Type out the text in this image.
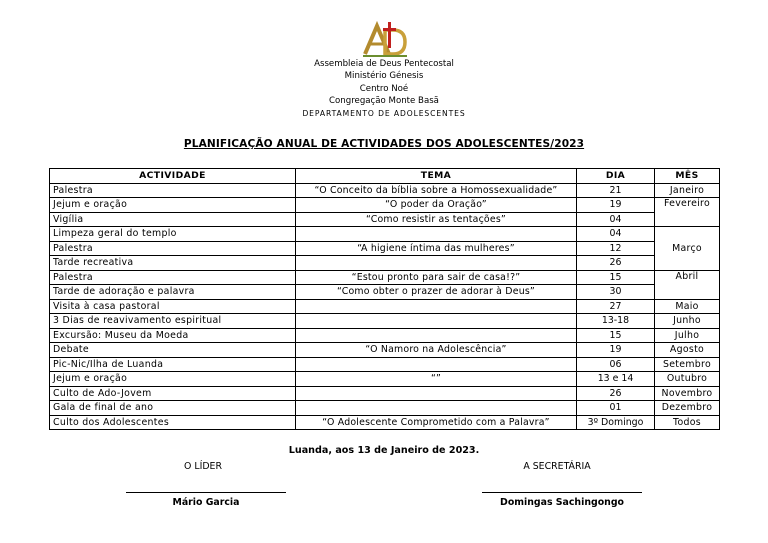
Assembleia de Deus Pentecostal
Ministério Génesis
Centro Noé
Congregação Monte Basã
DEPARTAMENTO DE ADOLESCENTES
PLANIFICAÇÃO ANUAL DE ACTIVIDADES DOS ADOLESCENTES/2023
ACTIVIDADE	TEMA	DIA	MÊS
Palestra	“O Conceito da bíblia sobre a Homossexualidade”	21	Janeiro
Jejum e oração	“O poder da Oração”	19	Fevereiro
Vigília	“Como resistir as tentações”	04	
Limpeza geral do templo		04	Março
Palestra	“A higiene íntima das mulheres”	12	
Tarde recreativa		26	
Palestra	“Estou pronto para sair de casa!?”	15	Abril
Tarde de adoração e palavra	“Como obter o prazer de adorar à Deus”	30	
Visita à casa pastoral		27	Maio
3 Dias de reavivamento espiritual		13-18	Junho
Excursão: Museu da Moeda		15	Julho
Debate	“O Namoro na Adolescência”	19	Agosto
Pic-Nic/Ilha de Luanda		06	Setembro
Jejum e oração	“”	13 e 14	Outubro
Culto de Ado-Jovem		26	Novembro
Gala de final de ano		01	Dezembro
Culto dos Adolescentes	“O Adolescente Comprometido com a Palavra”	3º Domingo	Todos
Luanda, aos 13 de Janeiro de 2023.
O LÍDER	A SECRETÁRIA
Mário Garcia	Domingas Sachingongo
